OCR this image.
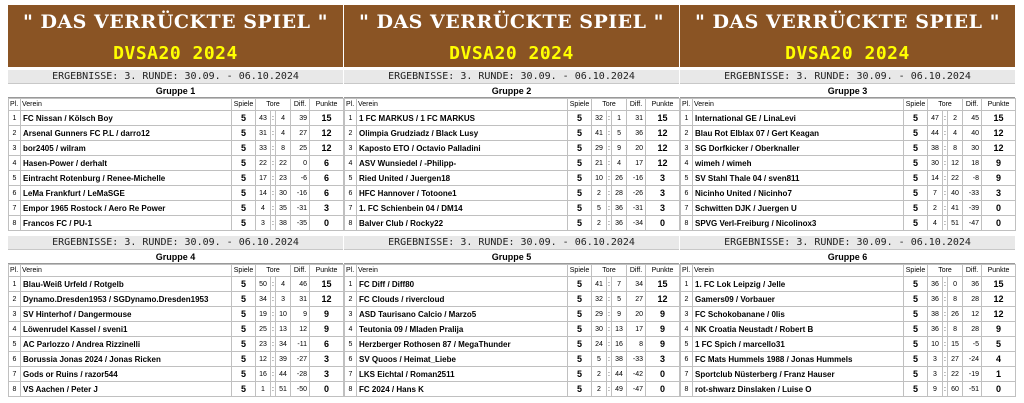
" DAS VERRÜCKTE SPIEL "
DVSA20 2024
ERGEBNISSE: 3. RUNDE: 30.09. - 06.10.2024
Gruppe 1
Pl.	Verein	Spiele	Tore			Diff.	Punkte
1	FC Nissan / Kölsch Boy	5	43	:	4	39	15
2	Arsenal Gunners FC P.L / darro12	5	31	:	4	27	12
3	bor2405 / wilram	5	33	:	8	25	12
4	Hasen-Power / derhalt	5	22	:	22	0	6
5	Eintracht Rotenburg / Renee-Michelle	5	17	:	23	-6	6
6	LeMa Frankfurt / LeMaSGE	5	14	:	30	-16	6
7	Empor 1965 Rostock / Aero Re Power	5	4	:	35	-31	3
8	Francos FC / PU-1	5	3	:	38	-35	0
ERGEBNISSE: 3. RUNDE: 30.09. - 06.10.2024
Gruppe 4
Pl.	Verein	Spiele	Tore			Diff.	Punkte
1	Blau-Weiß Urfeld / Rotgelb	5	50	:	4	46	15
2	Dynamo.Dresden1953 / SGDynamo.Dresden1953	5	34	:	3	31	12
3	SV Hinterhof / Dangermouse	5	19	:	10	9	9
4	Löwenrudel Kassel / sveni1	5	25	:	13	12	9
5	AC Parlozzo / Andrea Rizzinelli	5	23	:	34	-11	6
6	Borussia Jonas 2024 / Jonas Ricken	5	12	:	39	-27	3
7	Gods or Ruins / razor544	5	16	:	44	-28	3
8	VS Aachen / Peter J	5	1	:	51	-50	0
" DAS VERRÜCKTE SPIEL "
DVSA20 2024
ERGEBNISSE: 3. RUNDE: 30.09. - 06.10.2024
Gruppe 2
Pl.	Verein	Spiele	Tore			Diff.	Punkte
1	1 FC MARKUS / 1 FC MARKUS	5	32	:	1	31	15
2	Olimpia Grudziadz / Black Lusy	5	41	:	5	36	12
3	Kaposto ETO / Octavio Palladini	5	29	:	9	20	12
4	ASV Wunsiedel / -Philipp-	5	21	:	4	17	12
5	Ried United / Juergen18	5	10	:	26	-16	3
6	HFC Hannover / Totoone1	5	2	:	28	-26	3
7	1. FC Schienbein 04 / DM14	5	5	:	36	-31	3
8	Balver Club / Rocky22	5	2	:	36	-34	0
ERGEBNISSE: 3. RUNDE: 30.09. - 06.10.2024
Gruppe 5
Pl.	Verein	Spiele	Tore			Diff.	Punkte
1	FC Diff / Diff80	5	41	:	7	34	15
2	FC Clouds / rivercloud	5	32	:	5	27	12
3	ASD Taurisano Calcio / Marzo5	5	29	:	9	20	9
4	Teutonia 09 / Mladen Pralija	5	30	:	13	17	9
5	Herzberger Rothosen 87 / MegaThunder	5	24	:	16	8	9
6	SV Quoos / Heimat_Liebe	5	5	:	38	-33	3
7	LKS Eichtal / Roman2511	5	2	:	44	-42	0
8	FC 2024 / Hans K	5	2	:	49	-47	0
" DAS VERRÜCKTE SPIEL "
DVSA20 2024
ERGEBNISSE: 3. RUNDE: 30.09. - 06.10.2024
Gruppe 3
Pl.	Verein	Spiele	Tore			Diff.	Punkte
1	International GE / LinaLevi	5	47	:	2	45	15
2	Blau Rot Elblax 07 / Gert Keagan	5	44	:	4	40	12
3	SG Dorfkicker / Oberknaller	5	38	:	8	30	12
4	wimeh / wimeh	5	30	:	12	18	9
5	SV Stahl Thale 04 / sven811	5	14	:	22	-8	9
6	Nicinho United / Nicinho7	5	7	:	40	-33	3
7	Schwitten DJK / Juergen U	5	2	:	41	-39	0
8	SPVG Verl-Freiburg / Nicolinox3	5	4	:	51	-47	0
ERGEBNISSE: 3. RUNDE: 30.09. - 06.10.2024
Gruppe 6
Pl.	Verein	Spiele	Tore			Diff.	Punkte
1	1. FC Lok Leipzig / Jelle	5	36	:	0	36	15
2	Gamers09 / Vorbauer	5	36	:	8	28	12
3	FC Schokobanane / 0lis	5	38	:	26	12	12
4	NK Croatia Neustadt / Robert B	5	36	:	8	28	9
5	1 FC Spich / marcello31	5	10	:	15	-5	5
6	FC Mats Hummels 1988 / Jonas Hummels	5	3	:	27	-24	4
7	Sportclub Nüsterberg / Franz Hauser	5	3	:	22	-19	1
8	rot-shwarz Dinslaken / Luise O	5	9	:	60	-51	0
